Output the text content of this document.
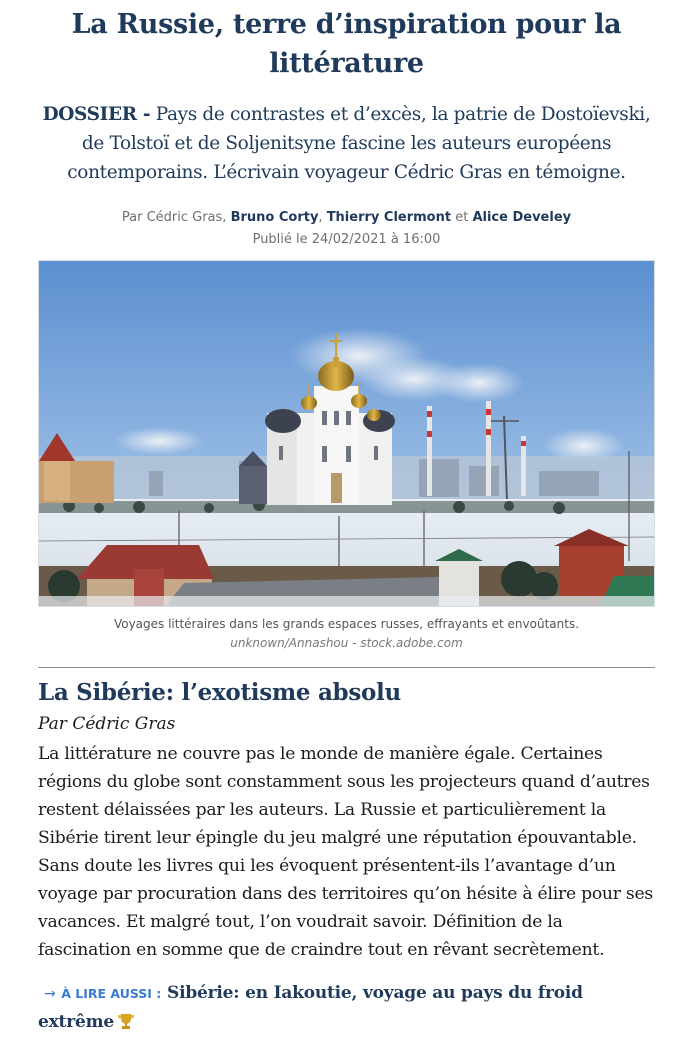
La Russie, terre d’inspiration pour la littérature

DOSSIER - Pays de contrastes et d’excès, la patrie de Dostoïevski, de Tolstoï et de Soljenitsyne fascine les auteurs européens contemporains. L’écrivain voyageur Cédric Gras en témoigne.

Par Cédric Gras, Bruno Corty, Thierry Clermont et Alice Develey
Publié le 24/02/2021 à 16:00

Voyages littéraires dans les grands espaces russes, effrayants et envoûtants. unknown/Annashou - stock.adobe.com

La Sibérie: l’exotisme absolu

Par Cédric Gras

La littérature ne couvre pas le monde de manière égale. Certaines régions du globe sont constamment sous les projecteurs quand d’autres restent délaissées par les auteurs. La Russie et particulièrement la Sibérie tirent leur épingle du jeu malgré une réputation épouvantable. Sans doute les livres qui les évoquent présentent-ils l’avantage d’un voyage par procuration dans des territoires qu’on hésite à élire pour ses vacances. Et malgré tout, l’on voudrait savoir. Définition de la fascination en somme que de craindre tout en rêvant secrètement.

→ À LIRE AUSSI : Sibérie: en Iakoutie, voyage au pays du froid extrême
